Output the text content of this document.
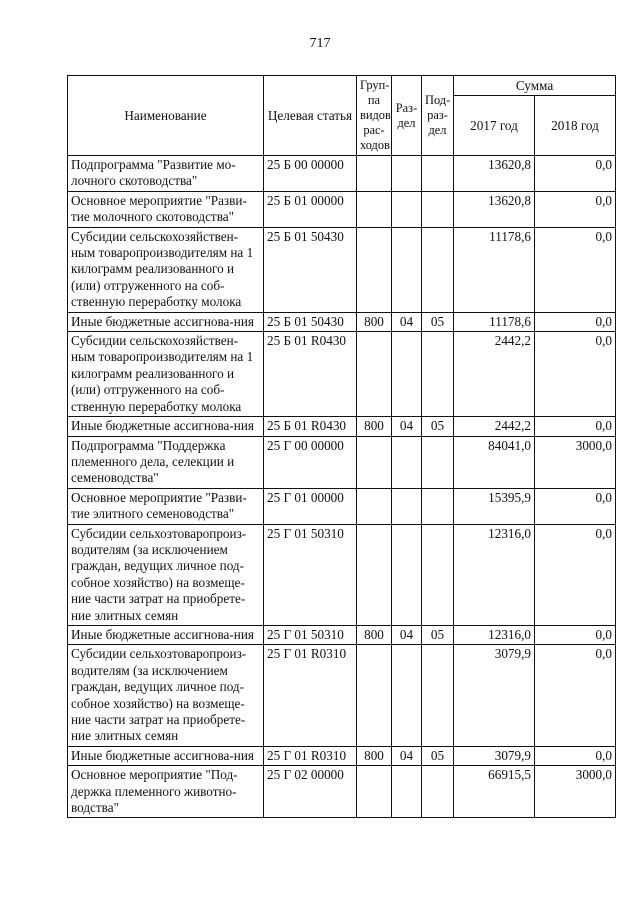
717
Наименование	Целевая статья	Груп-па видов рас-ходов	Раз-дел	Под-раз-дел	Сумма	
					2017 год	2018 год
Подпрограмма "Развитие мо-лочного скотоводства"	25 Б 00 00000				13620,8	0,0
Основное мероприятие "Разви-тие молочного скотоводства"	25 Б 01 00000				13620,8	0,0
Субсидии сельскохозяйствен-ным товаропроизводителям на 1 килограмм реализованного и (или) отгруженного на соб-ственную переработку молока	25 Б 01 50430				11178,6	0,0
Иные бюджетные ассигнова-ния	25 Б 01 50430	800	04	05	11178,6	0,0
Субсидии сельскохозяйствен-ным товаропроизводителям на 1 килограмм реализованного и (или) отгруженного на соб-ственную переработку молока	25 Б 01 R0430				2442,2	0,0
Иные бюджетные ассигнова-ния	25 Б 01 R0430	800	04	05	2442,2	0,0
Подпрограмма "Поддержка племенного дела, селекции и семеноводства"	25 Г 00 00000				84041,0	3000,0
Основное мероприятие "Разви-тие элитного семеноводства"	25 Г 01 00000				15395,9	0,0
Субсидии сельхозтоваропроиз-водителям (за исключением граждан, ведущих личное под-собное хозяйство) на возмеще-ние части затрат на приобрете-ние элитных семян	25 Г 01 50310				12316,0	0,0
Иные бюджетные ассигнова-ния	25 Г 01 50310	800	04	05	12316,0	0,0
Субсидии сельхозтоваропроиз-водителям (за исключением граждан, ведущих личное под-собное хозяйство) на возмеще-ние части затрат на приобрете-ние элитных семян	25 Г 01 R0310				3079,9	0,0
Иные бюджетные ассигнова-ния	25 Г 01 R0310	800	04	05	3079,9	0,0
Основное мероприятие "Под-держка племенного животно-водства"	25 Г 02 00000				66915,5	3000,0
